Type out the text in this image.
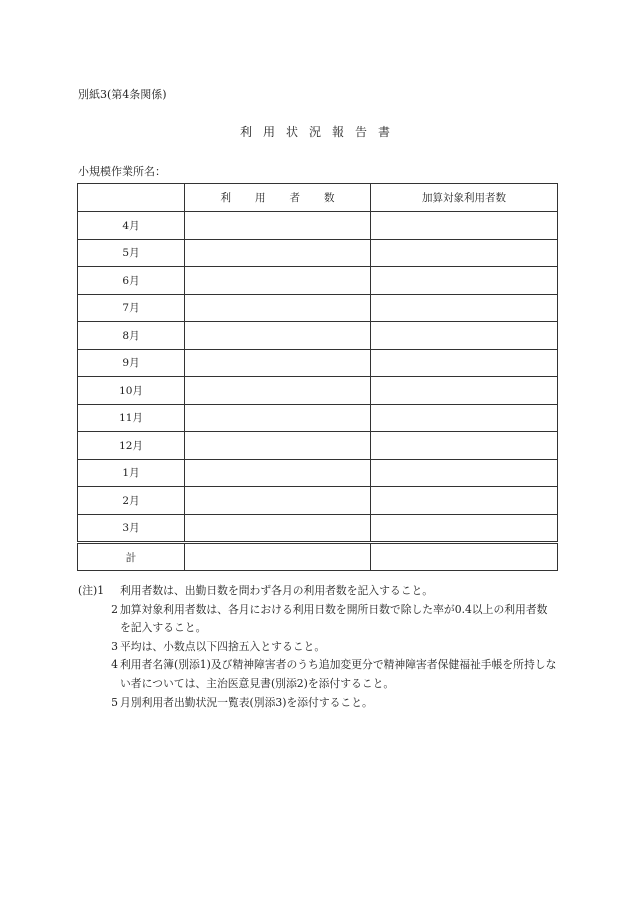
別紙3(第4条関係)
利用状況報告書
小規模作業所名：
	利用者数	加算対象利用者数
4月		
5月		
6月		
7月		
8月		
9月		
10月		
11月		
12月		
1月		
2月		
3月		
計		
(注)1	利用者数は、出勤日数を問わず各月の利用者数を記入すること。
2 加算対象利用者数は、各月における利用日数を開所日数で除した率が0.4以上の利用者数を記入すること。
3 平均は、小数点以下四捨五入とすること。
4 利用者名簿(別添1)及び精神障害者のうち追加変更分で精神障害者保健福祉手帳を所持しない者については、主治医意見書(別添2)を添付すること。
5 月別利用者出勤状況一覧表(別添3)を添付すること。
